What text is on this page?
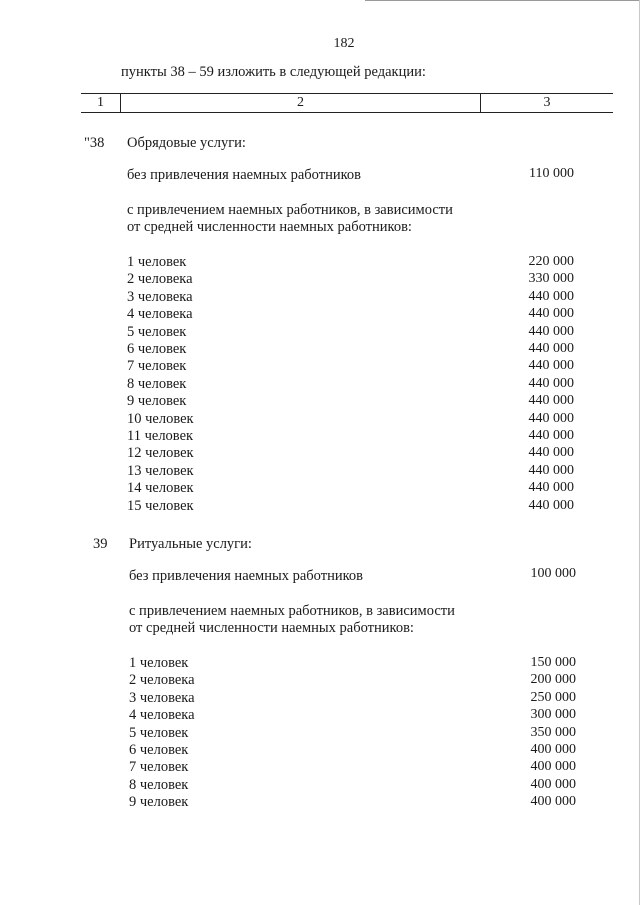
182
пункты 38 – 59 изложить в следующей редакции:
1	2	3
"38 Обрядовые услуги:
без привлечения наемных работников	110 000
с привлечением наемных работников, в зависимости
от средней численности наемных работников:
1 человек	220 000
2 человека	330 000
3 человека	440 000
4 человека	440 000
5 человек	440 000
6 человек	440 000
7 человек	440 000
8 человек	440 000
9 человек	440 000
10 человек	440 000
11 человек	440 000
12 человек	440 000
13 человек	440 000
14 человек	440 000
15 человек	440 000
39 Ритуальные услуги:
без привлечения наемных работников	100 000
с привлечением наемных работников, в зависимости
от средней численности наемных работников:
1 человек	150 000
2 человека	200 000
3 человека	250 000
4 человека	300 000
5 человек	350 000
6 человек	400 000
7 человек	400 000
8 человек	400 000
9 человек	400 000
